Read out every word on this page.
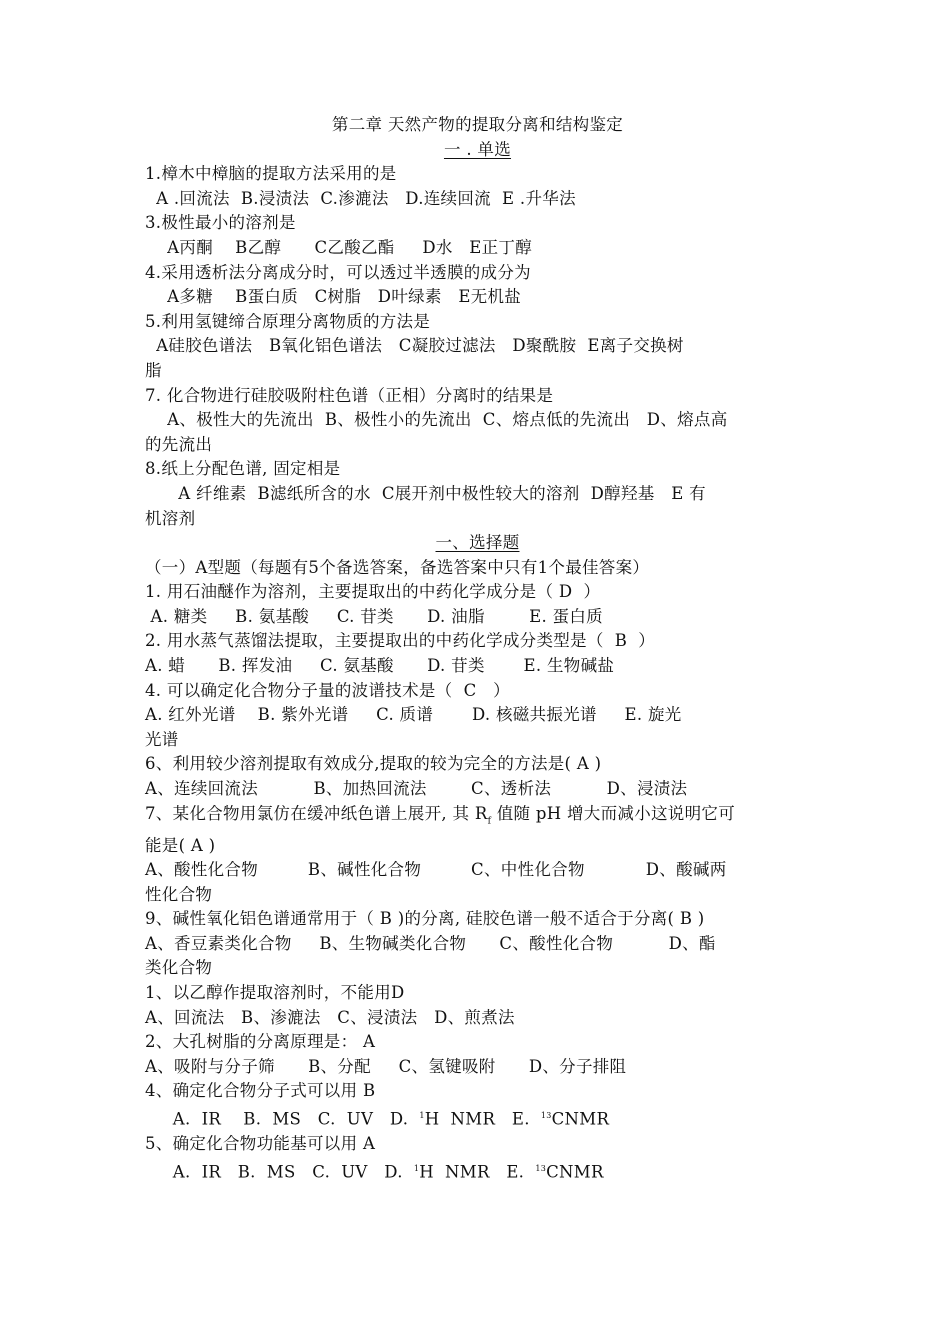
第二章 天然产物的提取分离和结构鉴定
一 . 单选
1.樟木中樟脑的提取方法采用的是
A .回流法  B.浸渍法  C.渗漉法   D.连续回流  E .升华法
3.极性最小的溶剂是
A丙酮    B乙醇      C乙酸乙酯     D水   E正丁醇
4.采用透析法分离成分时，可以透过半透膜的成分为
A多糖    B蛋白质   C树脂   D叶绿素   E无机盐
5.利用氢键缔合原理分离物质的方法是
A硅胶色谱法   B氧化铝色谱法   C凝胶过滤法   D聚酰胺  E离子交换树
脂
7. 化合物进行硅胶吸附柱色谱（正相）分离时的结果是
A、极性大的先流出  B、极性小的先流出  C、熔点低的先流出   D、熔点高
的先流出
8.纸上分配色谱, 固定相是
A 纤维素  B滤纸所含的水  C展开剂中极性较大的溶剂  D醇羟基   E 有
机溶剂
一、选择题
（一）A型题（每题有5个备选答案，备选答案中只有1个最佳答案）
1. 用石油醚作为溶剂，主要提取出的中药化学成分是（ D  ）
A. 糖类     B. 氨基酸     C. 苷类      D. 油脂        E. 蛋白质
2. 用水蒸气蒸馏法提取，主要提取出的中药化学成分类型是（  B  ）
A. 蜡      B. 挥发油     C. 氨基酸      D. 苷类       E. 生物碱盐
4. 可以确定化合物分子量的波谱技术是（  C   ）
A. 红外光谱    B. 紫外光谱     C. 质谱       D. 核磁共振光谱     E. 旋光
光谱
6、利用较少溶剂提取有效成分,提取的较为完全的方法是( A )
A、连续回流法          B、加热回流法        C、透析法          D、浸渍法
7、某化合物用氯仿在缓冲纸色谱上展开, 其 $R_f$ 值随 pH 增大而减小这说明它可
能是( A )
A、酸性化合物         B、碱性化合物         C、中性化合物           D、酸碱两
性化合物
9、碱性氧化铝色谱通常用于（ B )的分离, 硅胶色谱一般不适合于分离( B )
A、香豆素类化合物     B、生物碱类化合物      C、酸性化合物          D、酯
类化合物
1、以乙醇作提取溶剂时，不能用D
A、回流法   B、渗漉法   C、浸渍法   D、煎煮法
2、大孔树脂的分离原理是： A
A、吸附与分子筛      B、分配     C、氢键吸附      D、分子排阻
4、确定化合物分子式可以用 B
A.  IR    B.  MS   C.  UV   D.  $^1$H  NMR   E.  $^{13}$CNMR
5、确定化合物功能基可以用 A
A.  IR   B.  MS   C.  UV   D.  $^1$H  NMR   E.  $^{13}$CNMR
